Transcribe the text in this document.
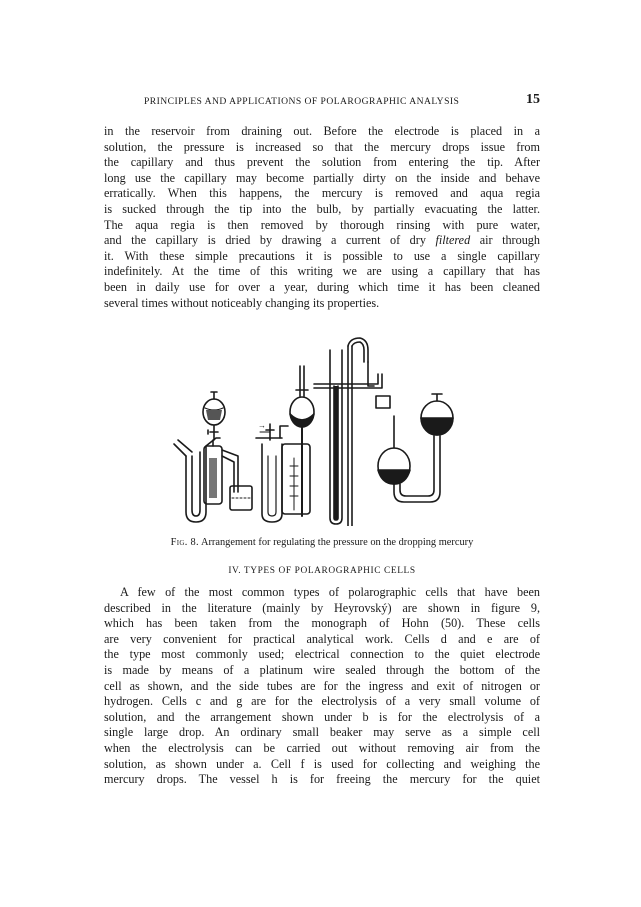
PRINCIPLES AND APPLICATIONS OF POLAROGRAPHIC ANALYSIS	15
in the reservoir from draining out. Before the electrode is placed in a
solution, the pressure is increased so that the mercury drops issue from
the capillary and thus prevent the solution from entering the tip. After
long use the capillary may become partially dirty on the inside and behave
erratically. When this happens, the mercury is removed and aqua regia
is sucked through the tip into the bulb, by partially evacuating the latter.
The aqua regia is then removed by thorough rinsing with pure water,
and the capillary is dried by drawing a current of dry filtered air through
it. With these simple precautions it is possible to use a single capillary
indefinitely. At the time of this writing we are using a capillary that has
been in daily use for over a year, during which time it has been cleaned
several times without noticeably changing its properties.
→
Fig. 8. Arrangement for regulating the pressure on the dropping mercury
IV. TYPES OF POLAROGRAPHIC CELLS
A few of the most common types of polarographic cells that have been
described in the literature (mainly by Heyrovský) are shown in figure 9,
which has been taken from the monograph of Hohn (50). These cells
are very convenient for practical analytical work. Cells d and e are of
the type most commonly used; electrical connection to the quiet electrode
is made by means of a platinum wire sealed through the bottom of the
cell as shown, and the side tubes are for the ingress and exit of nitrogen or
hydrogen. Cells c and g are for the electrolysis of a very small volume of
solution, and the arrangement shown under b is for the electrolysis of a
single large drop. An ordinary small beaker may serve as a simple cell
when the electrolysis can be carried out without removing air from the
solution, as shown under a. Cell f is used for collecting and weighing the
mercury drops. The vessel h is for freeing the mercury for the quiet
